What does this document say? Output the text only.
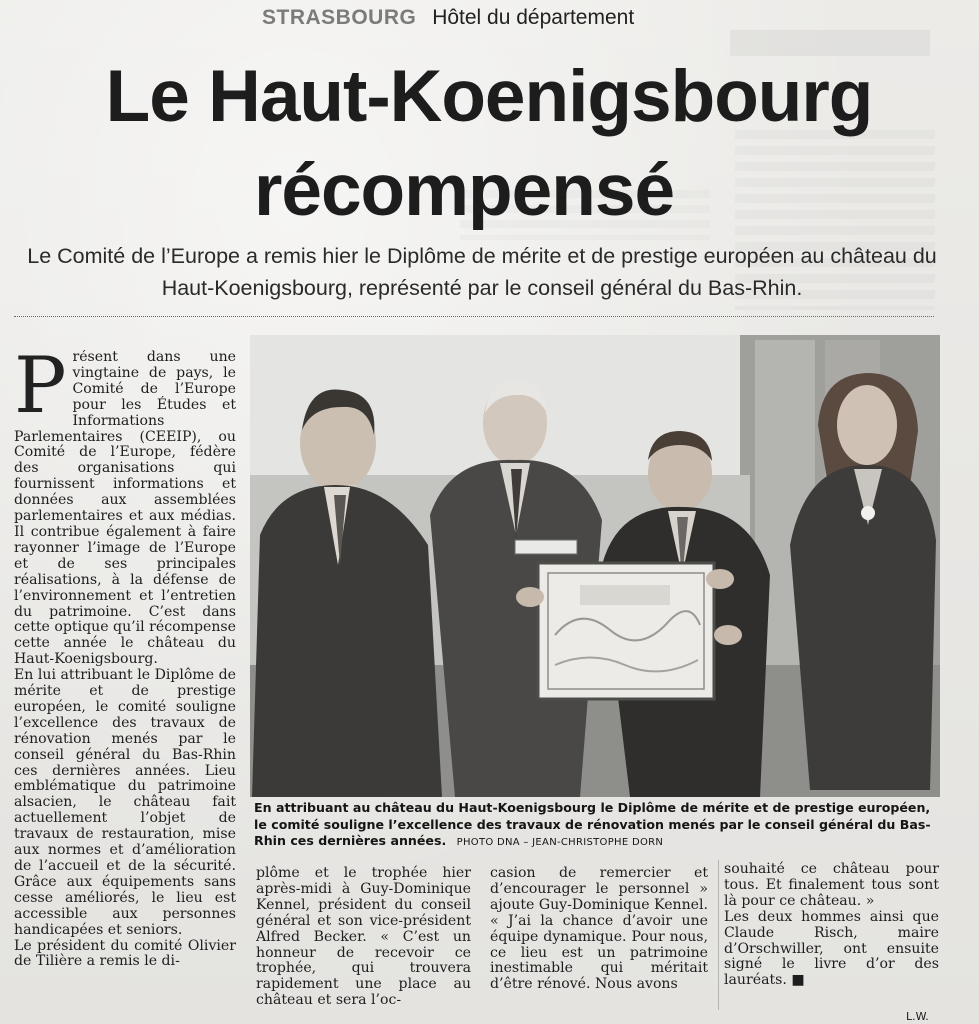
STRASBOURG Hôtel du département
Le Haut-Koenigsbourg
récompensé
Le Comité de l’Europe a remis hier le Diplôme de mérite et de prestige européen au château du Haut-Koenigsbourg, représenté par le conseil général du Bas-Rhin.
P résent dans une vingtaine de pays, le Comité de l’Europe pour les Études et Informations Parlementaires (CEEIP), ou Comité de l’Europe, fédère des organisations qui fournissent informations et données aux assemblées parlementaires et aux médias. Il contribue également à faire rayonner l’image de l’Europe et de ses principales réalisations, à la défense de l’environnement et l’entretien du patrimoine. C’est dans cette optique qu’il récompense cette année le château du Haut-Koenigsbourg.

En lui attribuant le Diplôme de mérite et de prestige européen, le comité souligne l’excellence des travaux de rénovation menés par le conseil général du Bas-Rhin ces dernières années. Lieu emblématique du patrimoine alsacien, le château fait actuellement l’objet de travaux de restauration, mise aux normes et d’amélioration de l’accueil et de la sécurité. Grâce aux équipements sans cesse améliorés, le lieu est accessible aux personnes handicapées et seniors.

Le président du comité Olivier de Tilière a remis le di-

En attribuant au château du Haut-Koenigsbourg le Diplôme de mérite et de prestige européen, le comité souligne l’excellence des travaux de rénovation menés par le conseil général du Bas-Rhin ces dernières années. PHOTO DNA – JEAN-CHRISTOPHE DORN

plôme et le trophée hier après-midi à Guy-Dominique Kennel, président du conseil général et son vice-président Alfred Becker. « C’est un honneur de recevoir ce trophée, qui trouvera rapidement une place au château et sera l’oc-

casion de remercier et d’encourager le personnel » ajoute Guy-Dominique Kennel. « J’ai la chance d’avoir une équipe dynamique. Pour nous, ce lieu est un patrimoine inestimable qui méritait d’être rénové. Nous avons

souhaité ce château pour tous. Et finalement tous sont là pour ce château. »

Les deux hommes ainsi que Claude Risch, maire d’Orschwiller, ont ensuite signé le livre d’or des lauréats. ■

L.W.
